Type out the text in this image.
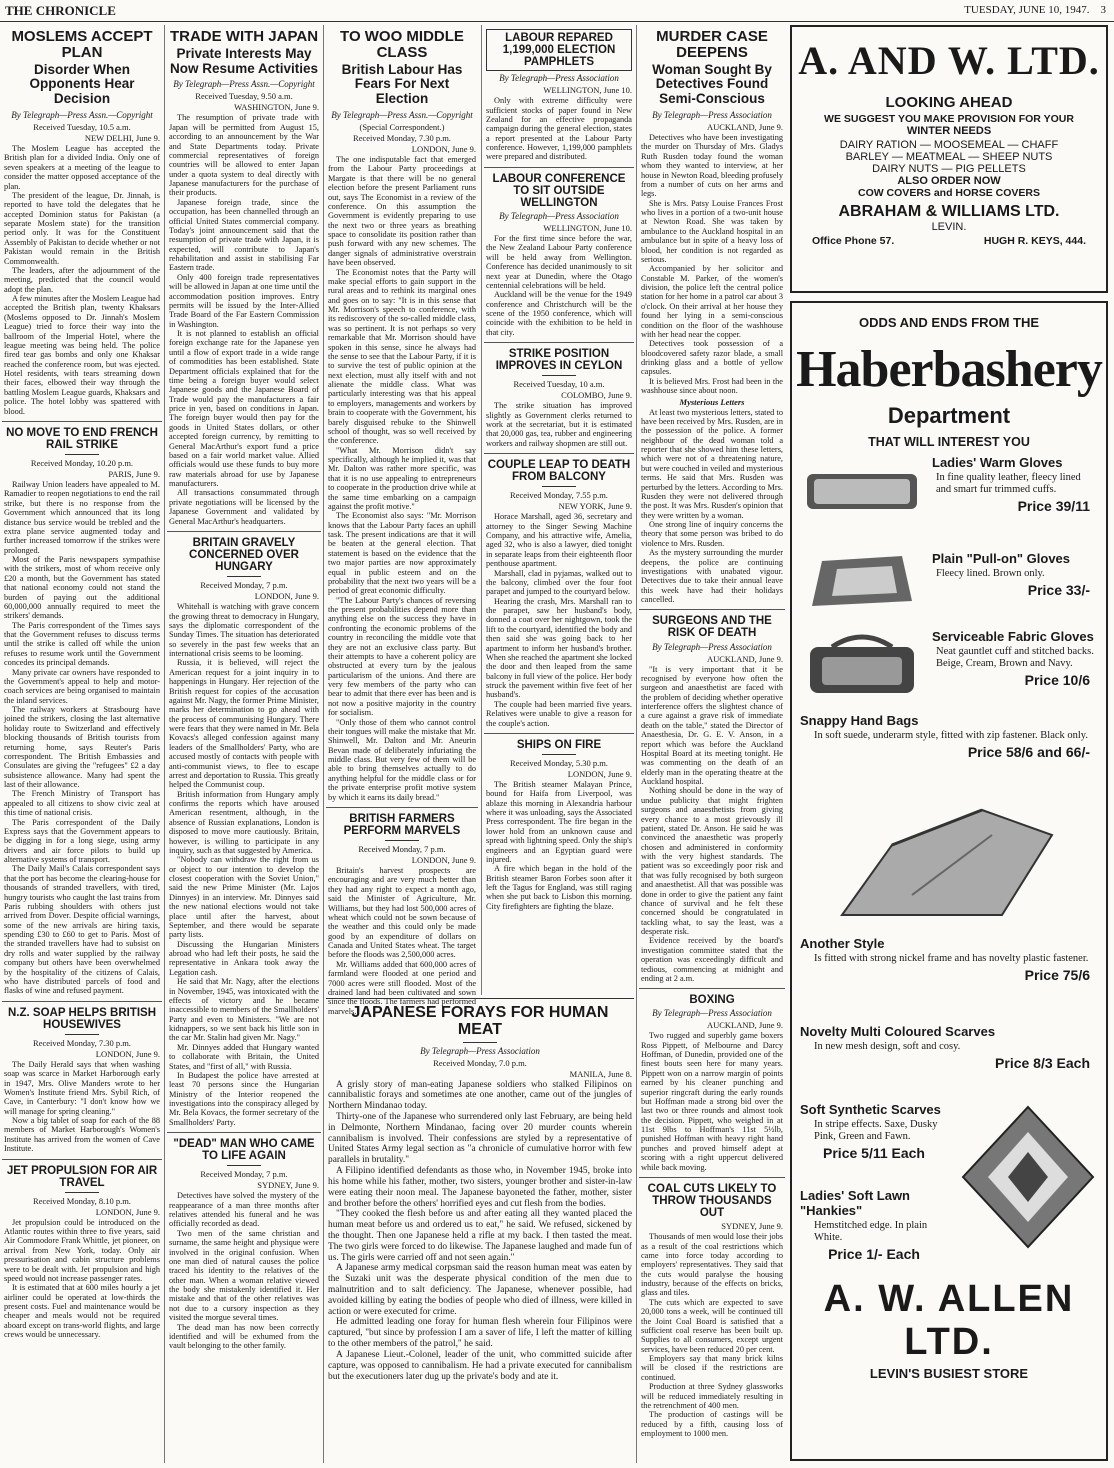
THE CHRONICLE	TUESDAY, JUNE 10, 1947. 3
MOSLEMS ACCEPT PLAN
Disorder When Opponents Hear Decision
By Telegraph—Press Assn.—Copyright
Received Tuesday, 10.5 a.m.
NEW DELHI, June 9.

The Moslem League has accepted the British plan for a divided India. Only one of seven speakers at a meeting of the league to consider the matter opposed acceptance of the plan.

The president of the league, Dr. Jinnah, is reported to have told the delegates that he accepted Dominion status for Pakistan (a separate Moslem state) for the transition period only. It was for the Constituent Assembly of Pakistan to decide whether or not Pakistan would remain in the British Commonwealth.

The leaders, after the adjournment of the meeting, predicted that the council would adopt the plan.

A few minutes after the Moslem League had accepted the British plan, twenty Khaksars (Moslems opposed to Dr. Jinnah's Moslem League) tried to force their way into the ballroom of the Imperial Hotel, where the league meeting was being held. The police fired tear gas bombs and only one Khaksar reached the conference room, but was ejected. Hotel residents, with tears streaming down their faces, elbowed their way through the battling Moslem League guards, Khaksars and police. The hotel lobby was spattered with blood.

NO MOVE TO END FRENCH RAIL STRIKE
Received Monday, 10.20 p.m.
PARIS, June 9.

Railway Union leaders have appealed to M. Ramadier to reopen negotiations to end the rail strike, but there is no response from the Government which announced that its long distance bus service would be trebled and the extra plane service augmented today and further increased tomorrow if the strikes were prolonged.

Most of the Paris newspapers sympathise with the strikers, most of whom receive only £20 a month, but the Government has stated that national economy could not stand the burden of paying out the additional 60,000,000 annually required to meet the strikers' demands.

The Paris correspondent of the Times says that the Government refuses to discuss terms until the strike is called off while the union refuses to resume work until the Government concedes its principal demands.

Many private car owners have responded to the Government's appeal to help and motor-coach services are being organised to maintain the inland services.

The railway workers at Strasbourg have joined the strikers, closing the last alternative holiday route to Switzerland and effectively blocking thousands of British tourists from returning home, says Reuter's Paris correspondent. The British Embassies and Consulates are giving the "refugees" £2 a day subsistence allowance. Many had spent the last of their allowance.

The French Ministry of Transport has appealed to all citizens to show civic zeal at this time of national crisis.

The Paris correspondent of the Daily Express says that the Government appears to be digging in for a long siege, using army drivers and air force pilots to build up alternative systems of transport.

The Daily Mail's Calais correspondent says that the port has become the clearing-house for thousands of stranded travellers, with tired, hungry tourists who caught the last trains from Paris rubbing shoulders with others just arrived from Dover. Despite official warnings, some of the new arrivals are hiring taxis, spending £30 to £60 to get to Paris. Most of the stranded travellers have had to subsist on dry rolls and water supplied by the railway company but others have been overwhelmed by the hospitality of the citizens of Calais, who have distributed parcels of food and flasks of wine and refused payment.

N.Z. SOAP HELPS BRITISH HOUSEWIVES
Received Monday, 7.30 p.m.
LONDON, June 9.

The Daily Herald says that when washing soap was scarce in Market Harborough early in 1947, Mrs. Olive Manders wrote to her Women's Institute friend Mrs. Sybil Rich, of Cave, in Canterbury: "I don't know how we will manage for spring cleaning."

Now a big tablet of soap for each of the 88 members of Market Harborough's Women's Institute has arrived from the women of Cave Institute.

JET PROPULSION FOR AIR TRAVEL
Received Monday, 8.10 p.m.
LONDON, June 9.

Jet propulsion could be introduced on the Atlantic routes within three to five years, said Air Commodore Frank Whittle, jet pioneer, on arrival from New York, today. Only air pressurisation and cabin structure problems were to be dealt with. Jet propulsion and high speed would not increase passenger rates.

It is estimated that at 600 miles hourly a jet airliner could be operated at low-thirds the present costs. Fuel and maintenance would be cheaper and meals would not be required aboard except on trans-world flights, and large crews would be unnecessary.

TRADE WITH JAPAN
Private Interests May Now Resume Activities
By Telegraph—Press Assn.—Copyright
Received Tuesday, 9.50 a.m.
WASHINGTON, June 9.

The resumption of private trade with Japan will be permitted from August 15, according to an announcement by the War and State Departments today. Private commercial representatives of foreign countries will be allowed to enter Japan under a quota system to deal directly with Japanese manufacturers for the purchase of their products.

Japanese foreign trade, since the occupation, has been channelled through an official United States commercial company. Today's joint announcement said that the resumption of private trade with Japan, it is expected, will contribute to Japan's rehabilitation and assist in stabilising Far Eastern trade.

Only 400 foreign trade representatives will be allowed in Japan at one time until the accommodation position improves. Entry permits will be issued by the Inter-Allied Trade Board of the Far Eastern Commission in Washington.

It is not planned to establish an official foreign exchange rate for the Japanese yen until a flow of export trade in a wide range of commodities has been established. State Department officials explained that for the time being a foreign buyer would select Japanese goods and the Japanese Board of Trade would pay the manufacturers a fair price in yen, based on conditions in Japan. The foreign buyer would then pay for the goods in United States dollars, or other accepted foreign currency, by remitting to General MacArthur's export fund a price based on a fair world market value. Allied officials would use these funds to buy more raw materials abroad for use by Japanese manufacturers.

All transactions consummated through private negotiations will be licensed by the Japanese Government and validated by General MacArthur's headquarters.

BRITAIN GRAVELY CONCERNED OVER HUNGARY
Received Monday, 7 p.m.
LONDON, June 9.

Whitehall is watching with grave concern the growing threat to democracy in Hungary, says the diplomatic correspondent of the Sunday Times. The situation has deteriorated so severely in the past few weeks that an international crisis seems to be looming.

Russia, it is believed, will reject the American request for a joint inquiry in to happenings in Hungary. Her rejection of the British request for copies of the accusation against Mr. Nagy, the former Prime Minister, marks her determination to go ahead with the process of communising Hungary. There were fears that they were named in Mr. Bela Kovacs's alleged confession against many leaders of the Smallholders' Party, who are accused mostly of contacts with people with anti-communist views, to flee to escape arrest and deportation to Russia. This greatly helped the Communist coup.

British information from Hungary amply confirms the reports which have aroused American resentment, although, in the absence of Russian explanations, London is disposed to move more cautiously. Britain, however, is willing to participate in any inquiry, such as that suggested by America.

"Nobody can withdraw the right from us or object to our intention to develop the closest cooperation with the Soviet Union," said the new Prime Minister (Mr. Lajos Dinnyes) in an interview. Mr. Dinnyes said the new national elections would not take place until after the harvest, about September, and there would be separate party lists.

Discussing the Hungarian Ministers abroad who had left their posts, he said the representative in Ankara took away the Legation cash.

He said that Mr. Nagy, after the elections in November, 1945, was intoxicated with the effects of victory and he became inaccessible to members of the Smallholders' Party and even to Ministers. "We are not kidnappers, so we sent back his little son in the car Mr. Stalin had given Mr. Nagy."

Mr. Dinnyes added that Hungary wanted to collaborate with Britain, the United States, and "first of all," with Russia.

In Budapest the police have arrested at least 70 persons since the Hungarian Ministry of the Interior reopened the investigations into the conspiracy alleged by Mr. Bela Kovacs, the former secretary of the Smallholders' Party.

"DEAD" MAN WHO CAME TO LIFE AGAIN
Received Monday, 7 p.m.
SYDNEY, June 9.

Detectives have solved the mystery of the reappearance of a man three months after relatives attended his funeral and he was officially recorded as dead.

Two men of the same christian and surname, the same height and physique were involved in the original confusion. When one man died of natural causes the police traced his identity to the relatives of the other man. When a woman relative viewed the body she mistakenly identified it. Her mistake and that of the other relatives was not due to a cursory inspection as they visited the morgue several times.

The dead man has now been correctly identified and will be exhumed from the vault belonging to the other family.

TO WOO MIDDLE CLASS
British Labour Has Fears For Next Election
By Telegraph—Press Assn.—Copyright
(Special Correspondent.)
Received Monday, 7.30 p.m.
LONDON, June 9.

The one indisputable fact that emerged from the Labour Party proceedings at Margate is that there will be no general election before the present Parliament runs out, says The Economist in a review of the conference. On this assumption the Government is evidently preparing to use the next two or three years as breathing space to consolidate its position rather than push forward with any new schemes. The danger signals of administrative overstrain have been observed.

The Economist notes that the Party will make special efforts to gain support in the rural areas and to rethink its marginal ones and goes on to say: "It is in this sense that Mr. Morrison's speech to conference, with its rediscovery of the so-called middle class, was so pertinent. It is not perhaps so very remarkable that Mr. Morrison should have spoken in this sense, since he always had the sense to see that the Labour Party, if it is to survive the test of public opinion at the next election, must ally itself with and not alienate the middle class. What was particularly interesting was that his appeal to employers, managements and workers by brain to cooperate with the Government, his barely disguised rebuke to the Shinwell school of thought, was so well received by the conference.

"What Mr. Morrison didn't say specifically, although he implied it, was that Mr. Dalton was rather more specific, was that it is no use appealing to entrepreneurs to cooperate in the production drive while at the same time embarking on a campaign against the profit motive."

The Economist also says: "Mr. Morrison knows that the Labour Party faces an uphill task. The present indications are that it will be beaten at the general election. That statement is based on the evidence that the two major parties are now approximately equal in public esteem and on the probability that the next two years will be a period of great economic difficulty.

"The Labour Party's chances of reversing the present probabilities depend more than anything else on the success they have in confronting the economic problems of the country in reconciling the middle vote that they are not an exclusive class party. But their attempts to have a coherent policy are obstructed at every turn by the jealous particularism of the unions. And there are very few members of the party who can bear to admit that there ever has been and is not now a positive majority in the country for socialism.

"Only those of them who cannot control their tongues will make the mistake that Mr. Shinwell, Mr. Dalton and Mr. Aneurin Bevan made of deliberately infuriating the middle class. But very few of them will be able to bring themselves actually to do anything helpful for the middle class or for the private enterprise profit motive system by which it earns its daily bread."

BRITISH FARMERS PERFORM MARVELS
Received Monday, 7 p.m.
LONDON, June 9.

Britain's harvest prospects are encouraging and are very much better than they had any right to expect a month ago, said the Minister of Agriculture, Mr. Williams, but they had lost 500,000 acres of wheat which could not be sown because of the weather and this could only be made good by an expenditure of dollars on Canada and United States wheat. The target before the floods was 2,500,000 acres.

Mr. Williams added that 600,000 acres of farmland were flooded at one period and 7000 acres were still flooded. Most of the drained land had been cultivated and sown since the floods. The farmers had performed marvels.

LABOUR REPARED 1,199,000 ELECTION PAMPHLETS
By Telegraph—Press Association
WELLINGTON, June 10.

Only with extreme difficulty were sufficient stocks of paper found in New Zealand for an effective propaganda campaign during the general election, states a report presented at the Labour Party conference. However, 1,199,000 pamphlets were prepared and distributed.

LABOUR CONFERENCE TO SIT OUTSIDE WELLINGTON
By Telegraph—Press Association
WELLINGTON, June 10.

For the first time since before the war, the New Zealand Labour Party conference will be held away from Wellington. Conference has decided unanimously to sit next year at Dunedin, where the Otago centennial celebrations will be held.

Auckland will be the venue for the 1949 conference and Christchurch will be the scene of the 1950 conference, which will coincide with the exhibition to be held in that city.

STRIKE POSITION IMPROVES IN CEYLON
Received Tuesday, 10 a.m.
COLOMBO, June 9.

The strike situation has improved slightly as Government clerks returned to work at the secretariat, but it is estimated that 20,000 gas, tea, rubber and engineering workers and railway shopmen are still out.

COUPLE LEAP TO DEATH FROM BALCONY
Received Monday, 7.55 p.m.
NEW YORK, June 9.

Horace Marshall, aged 36, secretary and attorney to the Singer Sewing Machine Company, and his attractive wife, Amelia, aged 32, who is also a lawyer, died tonight in separate leaps from their eighteenth floor penthouse apartment.

Marshall, clad in pyjamas, walked out to the balcony, climbed over the four foot parapet and jumped to the courtyard below.

Hearing the crash, Mrs. Marshall ran to the parapet, saw her husband's body, donned a coat over her nightgown, took the lift to the courtyard, identified the body and then said she was going back to her apartment to inform her husband's brother. When she reached the apartment she locked the door and then leaped from the same balcony in full view of the police. Her body struck the pavement within five feet of her husband's.

The couple had been married five years. Relatives were unable to give a reason for the couple's action.

SHIPS ON FIRE
Received Monday, 5.30 p.m.
LONDON, June 9.

The British steamer Malayan Prince, bound for Haifa from Liverpool, was ablaze this morning in Alexandria harbour where it was unloading, says the Associated Press correspondent. The fire began in the lower hold from an unknown cause and spread with lightning speed. Only the ship's engineers and an Egyptian guard were injured.

A fire which began in the hold of the British steamer Baron Forbes soon after it left the Tagus for England, was still raging when she put back to Lisbon this morning. City firefighters are fighting the blaze.

JAPANESE FORAYS FOR HUMAN MEAT
By Telegraph—Press Association
Received Monday, 7.0 p.m.
MANILA, June 8.

A grisly story of man-eating Japanese soldiers who stalked Filipinos on cannibalistic forays and sometimes ate one another, came out of the jungles of Northern Mindanao today.

Thirty-one of the Japanese who surrendered only last February, are being held in Delmonte, Northern Mindanao, facing over 20 murder counts wherein cannibalism is involved. Their confessions are styled by a representative of United States Army legal section as "a chronicle of cumulative horror with few parallels in brutality."

A Filipino identified defendants as those who, in November 1945, broke into his home while his father, mother, two sisters, younger brother and sister-in-law were eating their noon meal. The Japanese bayoneted the father, mother, sister and brother before the others' horrified eyes and cut flesh from the bodies.

"They cooked the flesh before us and after eating all they wanted placed the human meat before us and ordered us to eat," he said. We refused, sickened by the thought. Then one Japanese held a rifle at my back. I then tasted the meat. The two girls were forced to do likewise. The Japanese laughed and made fun of us. The girls were carried off and not seen again."

A Japanese army medical corpsman said the reason human meat was eaten by the Suzaki unit was the desperate physical condition of the men due to malnutrition and to salt deficiency. The Japanese, whenever possible, had avoided killing by eating the bodies of people who died of illness, were killed in action or were executed for crime.

He admitted leading one foray for human flesh wherein four Filipinos were captured, "but since by profession I am a saver of life, I left the matter of killing to the other members of the patrol," he said.

A Japanese Lieut.-Colonel, leader of the unit, who committed suicide after capture, was opposed to cannibalism. He had a private executed for cannibalism but the executioners later dug up the private's body and ate it.

MURDER CASE DEEPENS
Woman Sought By Detectives Found Semi-Conscious
By Telegraph—Press Association
AUCKLAND, June 9.

Detectives who have been investigating the murder on Thursday of Mrs. Gladys Ruth Rusden today found the woman whom they wanted to interview, at her house in Newton Road, bleeding profusely from a number of cuts on her arms and legs.

She is Mrs. Patsy Louise Frances Frost who lives in a portion of a two-unit house at Newton Road. She was taken by ambulance to the Auckland hospital in an ambulance but in spite of a heavy loss of blood, her condition is not regarded as serious.

Accompanied by her solicitor and Constable M. Parker, of the women's division, the police left the central police station for her home in a patrol car about 3 o'clock. On their arrival at her house they found her lying in a semi-conscious condition on the floor of the washhouse with her head near the copper.

Detectives took possession of a bloodcovered safety razor blade, a small drinking glass and a bottle of yellow capsules.

It is believed Mrs. Frost had been in the washhouse since about noon.

Mysterious Letters

At least two mysterious letters, stated to have been received by Mrs. Rusden, are in the possession of the police. A former neighbour of the dead woman told a reporter that she showed him these letters, which were not of a threatening nature, but were couched in veiled and mysterious terms. He said that Mrs. Rusden was perturbed by the letters. According to Mrs. Rusden they were not delivered through the post. It was Mrs. Rusden's opinion that they were written by a woman.

One strong line of inquiry concerns the theory that some person was bribed to do violence to Mrs. Rusden.

As the mystery surrounding the murder deepens, the police are continuing investigations with unabated vigour. Detectives due to take their annual leave this week have had their holidays cancelled.

SURGEONS AND THE RISK OF DEATH
By Telegraph—Press Association
AUCKLAND, June 9.

"It is very important that it be recognised by everyone how often the surgeon and anaesthetist are faced with the problem of deciding whether operative interference offers the slightest chance of a cure against a grave risk of immediate death on the table," stated the Director of Anaesthesia, Dr. G. E. V. Anson, in a report which was before the Auckland Hospital Board at its meeting tonight. He was commenting on the death of an elderly man in the operating theatre at the Auckland hospital.

Nothing should be done in the way of undue publicity that might frighten surgeons and anaesthetists from giving every chance to a most grievously ill patient, stated Dr. Anson. He said he was convinced the anaesthetic was properly chosen and administered in conformity with the very highest standards. The patient was so exceedingly poor risk and that was fully recognised by both surgeon and anaesthetist. All that was possible was done in order to give the patient any faint chance of survival and he felt these concerned should be congratulated in tackling what, to say the least, was a desperate risk.

Evidence received by the board's investigation committee stated that the operation was exceedingly difficult and tedious, commencing at midnight and ending at 2 a.m.

BOXING
By Telegraph—Press Association
AUCKLAND, June 9.

Two rugged and superbly game boxers Ross Pippett, of Melbourne and Darcy Hoffman, of Dunedin, provided one of the finest bouts seen here for many years. Pippett won on a narrow margin of points earned by his cleaner punching and superior ringcraft during the early rounds but Hoffman made a strong bid over the last two or three rounds and almost took the decision. Pippett, who weighed in at 11st 9lbs to Hoffman's 11st 5½lb, punished Hoffman with heavy right hand punches and proved himself adept at scoring with a right uppercut delivered while back moving.

COAL CUTS LIKELY TO THROW THOUSANDS OUT
SYDNEY, June 9.

Thousands of men would lose their jobs as a result of the coal restrictions which came into force today according to employers' representatives. They said that the cuts would paralyse the housing industry, because of the effects on bricks, glass and tiles.

The cuts which are expected to save 20,000 tons a week, will be continued till the Joint Coal Board is satisfied that a sufficient coal reserve has been built up. Supplies to all consumers, except urgent services, have been reduced 20 per cent.

Employers say that many brick kilns will be closed if the restrictions are continued.

Production at three Sydney glassworks will be reduced immediately resulting in the retrenchment of 400 men.

The production of castings will be reduced by a fifth, causing loss of employment to 1000 men.

A. AND W. LTD.
LOOKING AHEAD
WE SUGGEST YOU MAKE PROVISION FOR YOUR
WINTER NEEDS
DAIRY RATION — MOOSEMEAL — CHAFF
BARLEY — MEATMEAL — SHEEP NUTS
DAIRY NUTS — PIG PELLETS
ALSO ORDER NOW
COW COVERS and HORSE COVERS
ABRAHAM & WILLIAMS LTD.
LEVIN.
Office Phone 57.	HUGH R. KEYS, 444.
ODDS AND ENDS FROM THE
Haberbashery
Department
THAT WILL INTEREST YOU
Ladies' Warm Gloves
In fine quality leather, fleecy lined and smart fur trimmed cuffs.
Price 39/11
Plain "Pull-on" Gloves
Fleecy lined. Brown only.
Price 33/-
Serviceable Fabric Gloves
Neat gauntlet cuff and stitched backs. Beige, Cream, Brown and Navy.
Price 10/6
Snappy Hand Bags
In soft suede, underarm style, fitted with zip fastener. Black only.
Price 58/6 and 66/-
Another Style
Is fitted with strong nickel frame and has novelty plastic fastener.
Price 75/6
Novelty Multi Coloured Scarves
In new mesh design, soft and cosy.
Price 8/3 Each
Soft Synthetic Scarves
In stripe effects. Saxe, Dusky Pink, Green and Fawn.
Price 5/11 Each
Ladies' Soft Lawn "Hankies"
Hemstitched edge. In plain White.
Price 1/- Each
A. W. ALLEN LTD.
LEVIN'S BUSIEST STORE
